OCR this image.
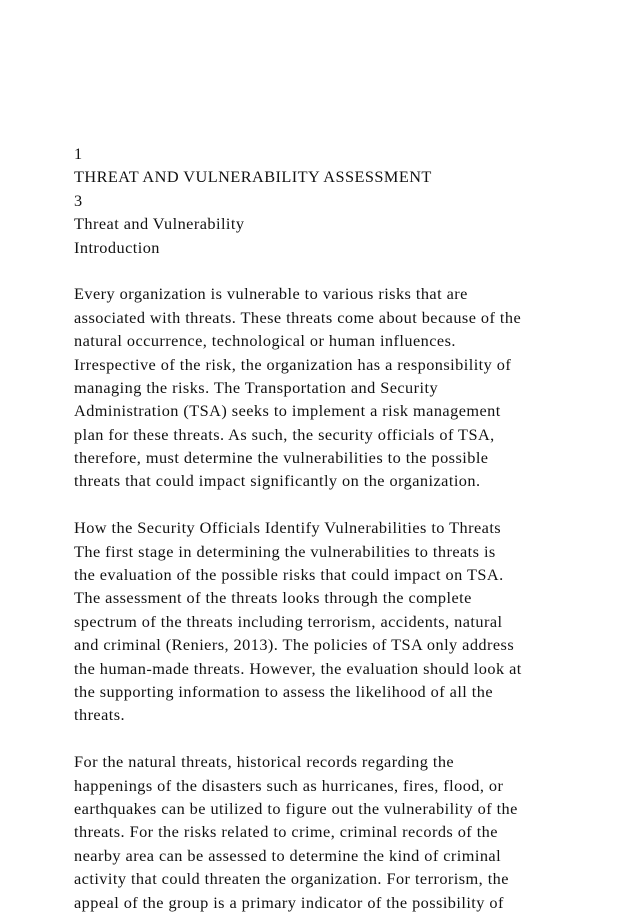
1
THREAT AND VULNERABILITY ASSESSMENT
3
Threat and Vulnerability
Introduction
Every organization is vulnerable to various risks that are
associated with threats. These threats come about because of the
natural occurrence, technological or human influences.
Irrespective of the risk, the organization has a responsibility of
managing the risks. The Transportation and Security
Administration (TSA) seeks to implement a risk management
plan for these threats. As such, the security officials of TSA,
therefore, must determine the vulnerabilities to the possible
threats that could impact significantly on the organization.
How the Security Officials Identify Vulnerabilities to Threats
The first stage in determining the vulnerabilities to threats is
the evaluation of the possible risks that could impact on TSA.
The assessment of the threats looks through the complete
spectrum of the threats including terrorism, accidents, natural
and criminal (Reniers, 2013). The policies of TSA only address
the human-made threats. However, the evaluation should look at
the supporting information to assess the likelihood of all the
threats.
For the natural threats, historical records regarding the
happenings of the disasters such as hurricanes, fires, flood, or
earthquakes can be utilized to figure out the vulnerability of the
threats. For the risks related to crime, criminal records of the
nearby area can be assessed to determine the kind of criminal
activity that could threaten the organization. For terrorism, the
appeal of the group is a primary indicator of the possibility of
